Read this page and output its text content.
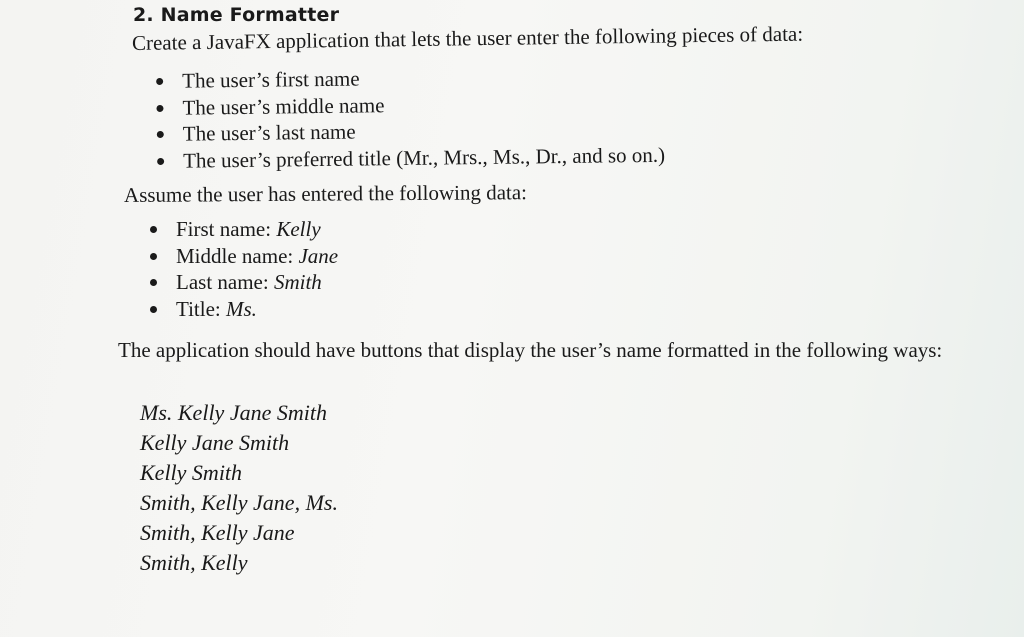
2. Name Formatter
Create a JavaFX application that lets the user enter the following pieces of data:
The user’s first name
The user’s middle name
The user’s last name
The user’s preferred title (Mr., Mrs., Ms., Dr., and so on.)
Assume the user has entered the following data:
First name: Kelly
Middle name: Jane
Last name: Smith
Title: Ms.
The application should have buttons that display the user’s name formatted in the following ways:
Ms. Kelly Jane Smith
Kelly Jane Smith
Kelly Smith
Smith, Kelly Jane, Ms.
Smith, Kelly Jane
Smith, Kelly
